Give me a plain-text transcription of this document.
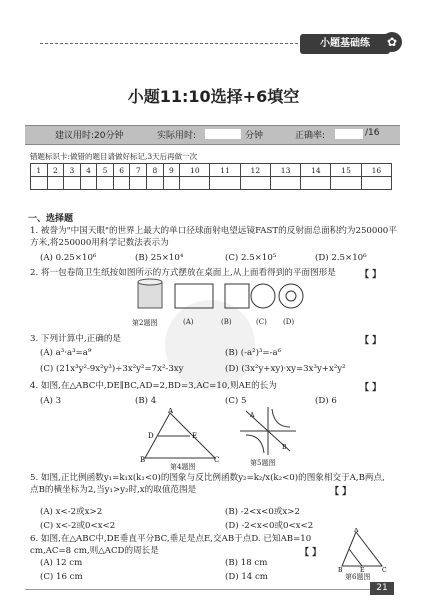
小题基础练	✿
小题11:10选择+6填空
建议用时:20分钟	实际用时:	分钟	正确率:	/16
错题标识卡:做错的题目请做好标记,3天后再做一次
1	2	3	4	5	6	7	8	9	10	11	12	13	14	15	16

一、选择题
1. 被誉为"中国天眼"的世界上最大的单口径球面射电望远镜FAST的反射面总面积约为250000平方米,将250000用科学记数法表示为
(A) 0.25×10⁶	(B) 25×10⁴	(C) 2.5×10⁵	(D) 2.5×10⁶
2. 将一包卷筒卫生纸按如图所示的方式摆放在桌面上,从上面看得到的平面图形是	【 】
第2题图	(A)	(B)	(C) (D)
3. 下列计算中,正确的是	【 】
(A) a³·a³=a⁹	(B) (-a²)³=-a⁶
(C) (21x³y²-9x²y³)÷3x²y²=7x²-3xy	(D) (3x²y+xy)·xy=3x³y+x²y²
4. 如图,在△ABC中,DE∥BC,AD=2,BD=3,AC=10,则AE的长为	【 】
(A) 3	(B) 4	(C) 5	(D) 6
A
D	E
B	C
第4题图
A
B
第5题图
5. 如图,正比例函数y₁=k₁x(k₁<0)的图象与反比例函数y₂=k₂/x(k₂<0)的图象相交于A,B两点,点B的横坐标为2,当y₁>y₂时,x的取值范围是	【 】
(A) x<-2或x>2	(B) -2<x<0或x>2
(C) x<-2或0<x<2	(D) -2<x<0或0<x<2
6. 如图,在△ABC中,DE垂直平分BC,垂足是点E,交AB于点D. 已知AB=10 cm,AC=8 cm,则△ACD的周长是	【 】
(A) 12 cm	(B) 18 cm
(C) 16 cm	(D) 14 cm
A
B	E	C
第6题图
21
